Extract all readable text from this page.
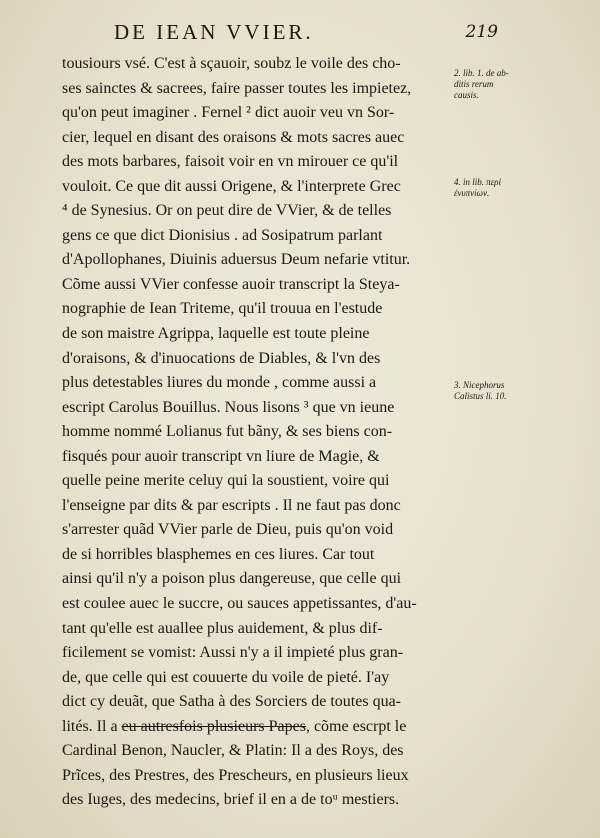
DE IEAN VVIER.	219
tousiours vsé. C'est à sçauoir, soubz le voile des cho-
ses sainctes & sacrees, faire passer toutes les impietez,
qu'on peut imaginer . Fernel ² dict auoir veu vn Sor-
cier, lequel en disant des oraisons & mots sacres auec
des mots barbares, faisoit voir en vn mirouer ce qu'il
vouloit. Ce que dit aussi Origene, & l'interprete Grec
⁴ de Synesius. Or on peut dire de VVier, & de telles
gens ce que dict Dionisius . ad Sosipatrum parlant
d'Apollophanes, Diuinis aduersus Deum nefarie vtitur.
Cõme aussi VVier confesse auoir transcript la Steya-
nographie de Iean Triteme, qu'il trouua en l'estude
de son maistre Agrippa, laquelle est toute pleine
d'oraisons, & d'inuocations de Diables, & l'vn des
plus detestables liures du monde , comme aussi a
escript Carolus Bouillus. Nous lisons ³ que vn ieune
homme nommé Lolianus fut bãny, & ses biens con-
fisqués pour auoir transcript vn liure de Magie, &
quelle peine merite celuy qui la soustient, voire qui
l'enseigne par dits & par escripts . Il ne faut pas donc
s'arrester quãd VVier parle de Dieu, puis qu'on void
de si horribles blasphemes en ces liures. Car tout
ainsi qu'il n'y a poison plus dangereuse, que celle qui
est coulee auec le succre, ou sauces appetissantes, d'au-
tant qu'elle est auallee plus auidement, & plus dif-
ficilement se vomist: Aussi n'y a il impieté plus gran-
de, que celle qui est couuerte du voile de pieté. I'ay
dict cy deuãt, que Satha à des Sorciers de toutes qua-
lités. Il a eu autresfois plusieurs Papes, cõme escrpt le
Cardinal Benon, Naucler, & Platin: Il a des Roys, des
Prĩces, des Prestres, des Prescheurs, en plusieurs lieux
des Iuges, des medecins, brief il en a de toᵘ mestiers.
2. lib. 1. de ab-
ditis rerum
causis.
4. in lib. περὶ
ἐνυπνίων.
3. Nicephorus
Calistus li. 10.
